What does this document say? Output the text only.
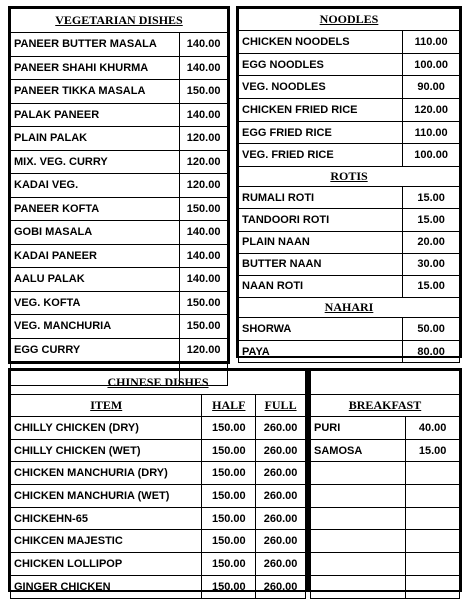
VEGETARIAN DISHES	
PANEER BUTTER MASALA	140.00
PANEER SHAHI KHURMA	140.00
PANEER TIKKA MASALA	150.00
PALAK PANEER	140.00
PLAIN PALAK	120.00
MIX. VEG. CURRY	120.00
KADAI VEG.	120.00
PANEER KOFTA	150.00
GOBI MASALA	140.00
KADAI PANEER	140.00
AALU PALAK	140.00
VEG. KOFTA	150.00
VEG. MANCHURIA	150.00
EGG CURRY	120.00

NOODLES	
CHICKEN NOODELS	110.00
EGG NOODLES	100.00
VEG. NOODLES	90.00
CHICKEN FRIED RICE	120.00
EGG FRIED RICE	110.00
VEG. FRIED RICE	100.00
ROTIS	
RUMALI ROTI	15.00
TANDOORI ROTI	15.00
PLAIN NAAN	20.00
BUTTER NAAN	30.00
NAAN ROTI	15.00
NAHARI	
SHORWA	50.00
PAYA	80.00
CHINESE DISHES		
ITEM	HALF	FULL
CHILLY CHICKEN (DRY)	150.00	260.00
CHILLY CHICKEN (WET)	150.00	260.00
CHICKEN MANCHURIA (DRY)	150.00	260.00
CHICKEN MANCHURIA (WET)	150.00	260.00
CHICKEHN-65	150.00	260.00
CHIKCEN MAJESTIC	150.00	260.00
CHICKEN LOLLIPOP	150.00	260.00
GINGER CHICKEN	150.00	260.00

BREAKFAST	
PURI	40.00
SAMOSA	15.00
